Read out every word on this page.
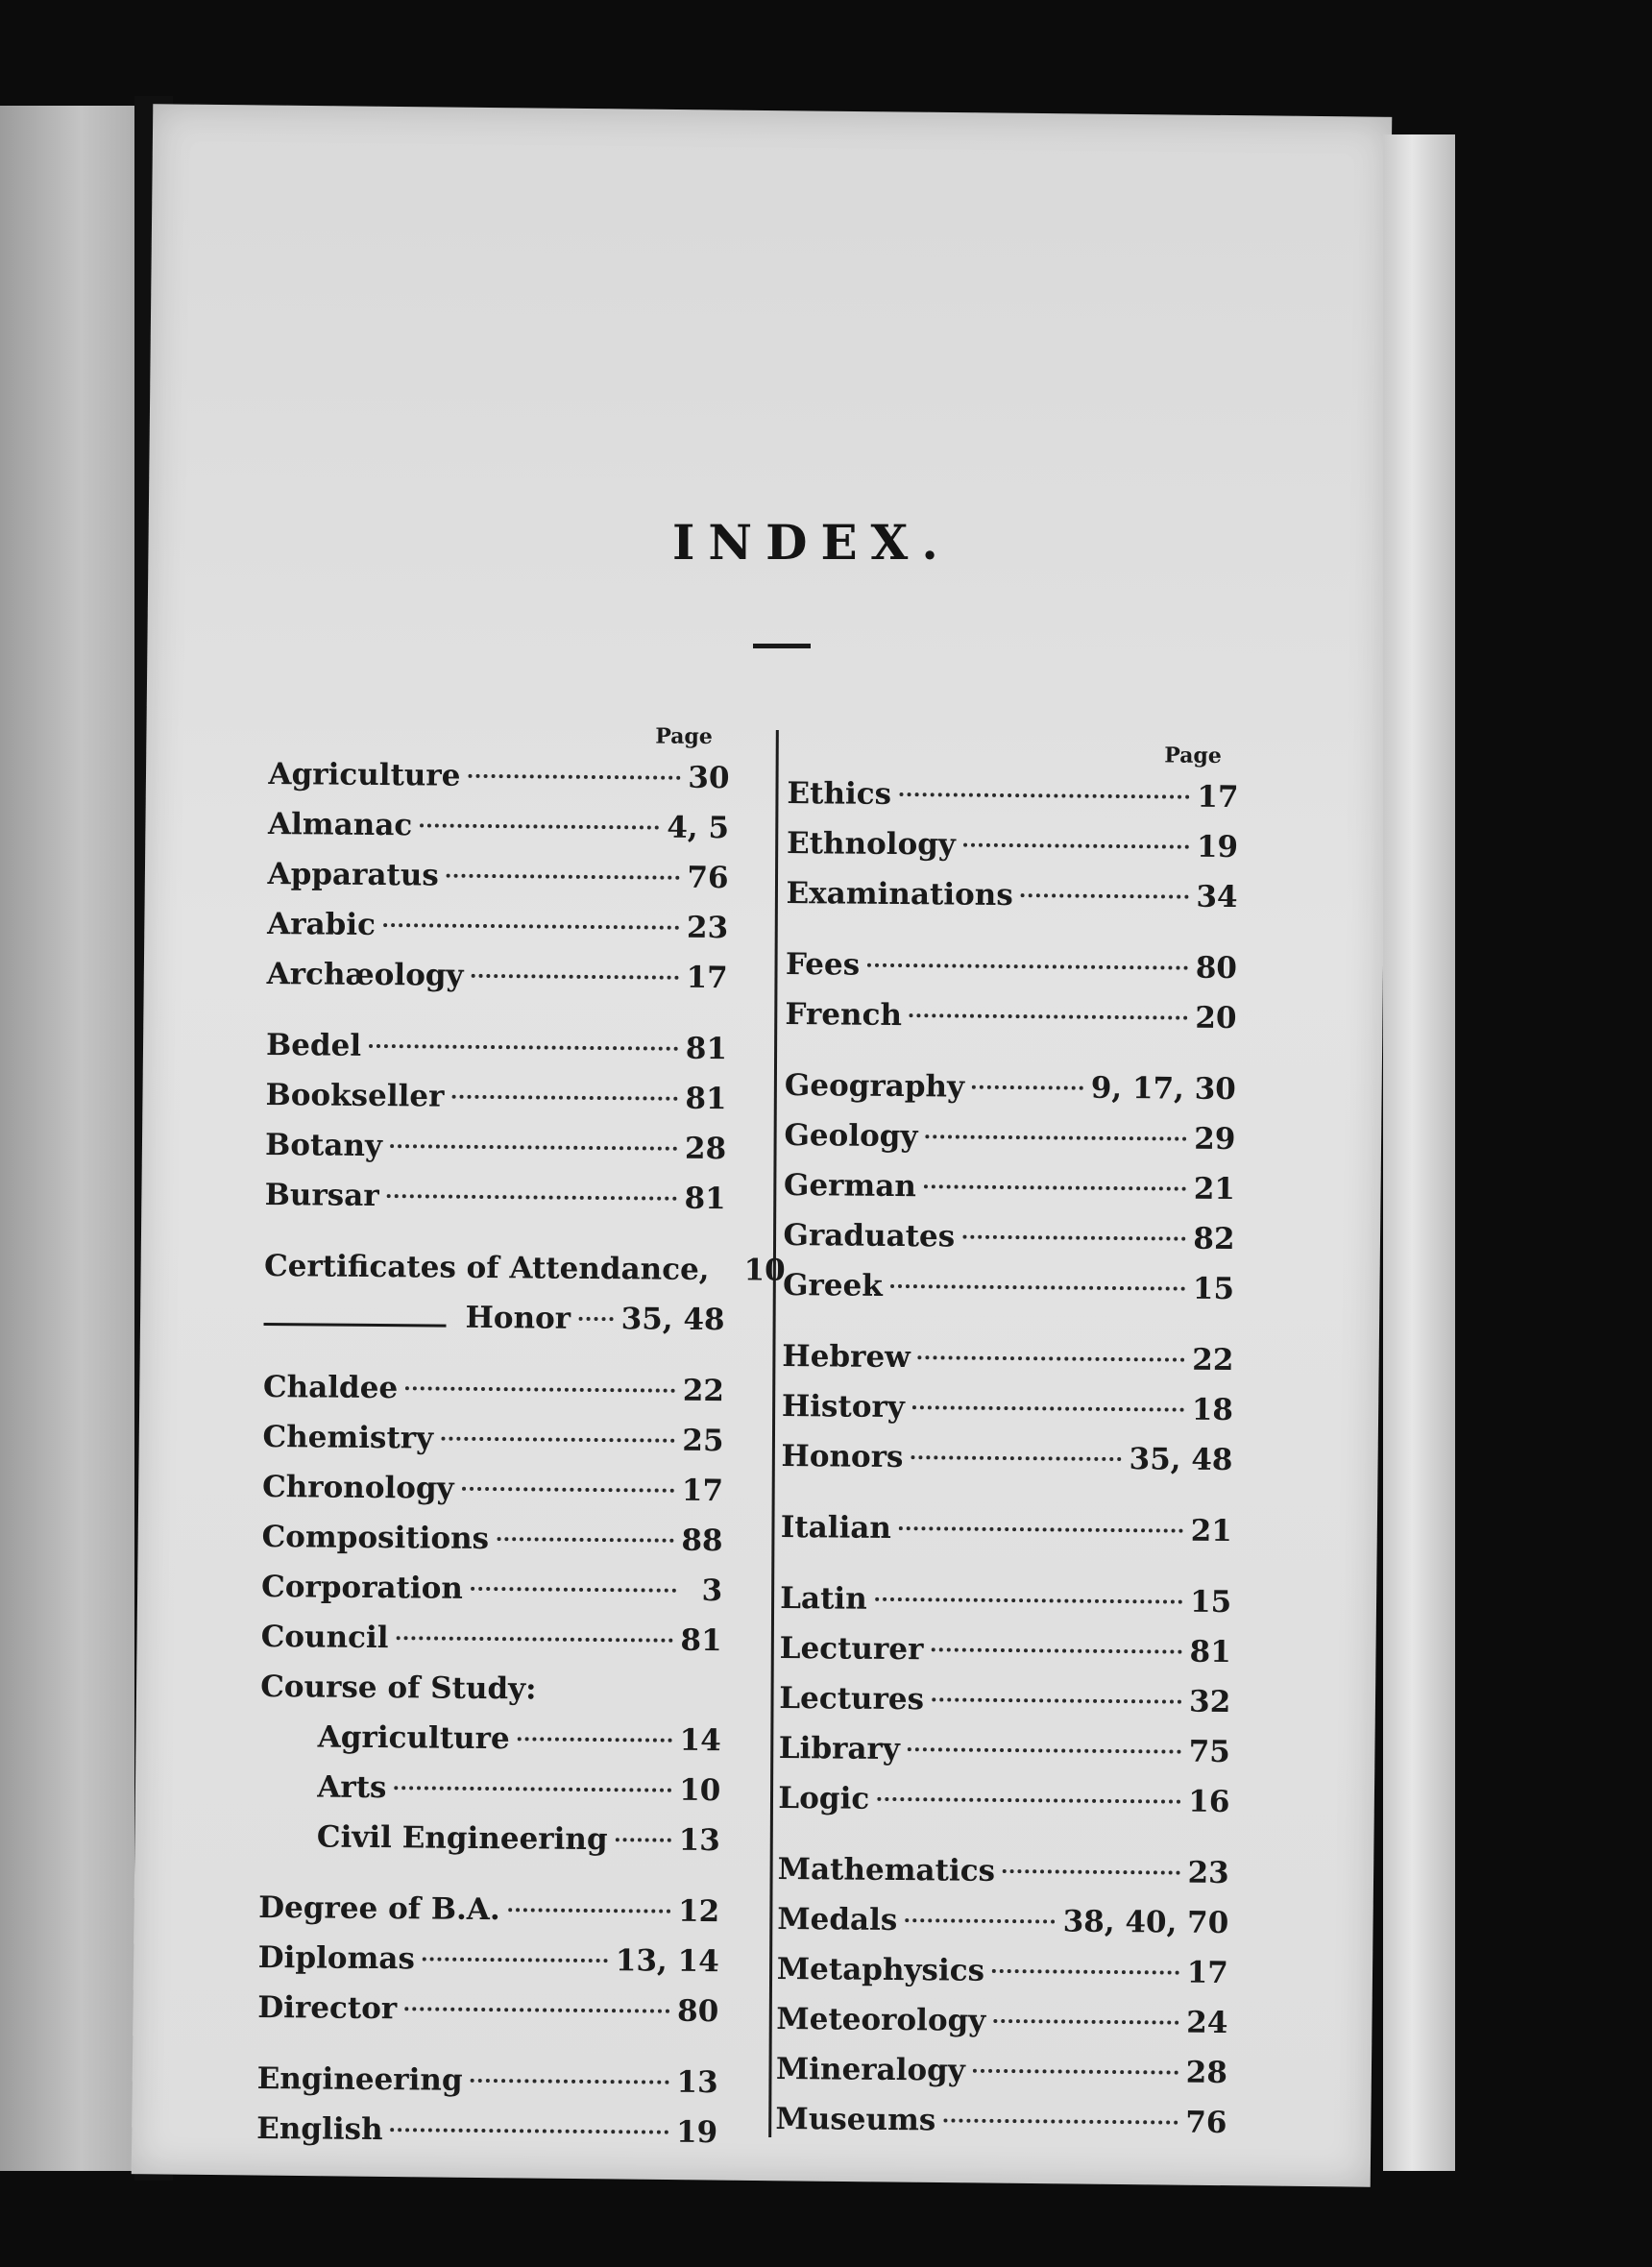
INDEX.
Page
Agriculture	30
Almanac	4, 5
Apparatus	76
Arabic	23
Archæology	17
Bedel	81
Bookseller	81
Botany	28
Bursar	81
Certificates of Attendance, 10
Honor 35, 48
Chaldee	22
Chemistry	25
Chronology	17
Compositions	88
Corporation	3
Council	81
Course of Study:
Agriculture	14
Arts	10
Civil Engineering 13
Degree of B.A.	12
Diplomas	13, 14
Director	80
Engineering	13
English	19
Page
Ethics	17
Ethnology	19
Examinations	34
Fees	80
French	20
Geography	9, 17, 30
Geology	29
German	21
Graduates	82
Greek	15
Hebrew	22
History	18
Honors	35, 48
Italian	21
Latin	15
Lecturer	81
Lectures	32
Library	75
Logic	16
Mathematics	23
Medals	38, 40, 70
Metaphysics	17
Meteorology	24
Mineralogy	28
Museums	76
